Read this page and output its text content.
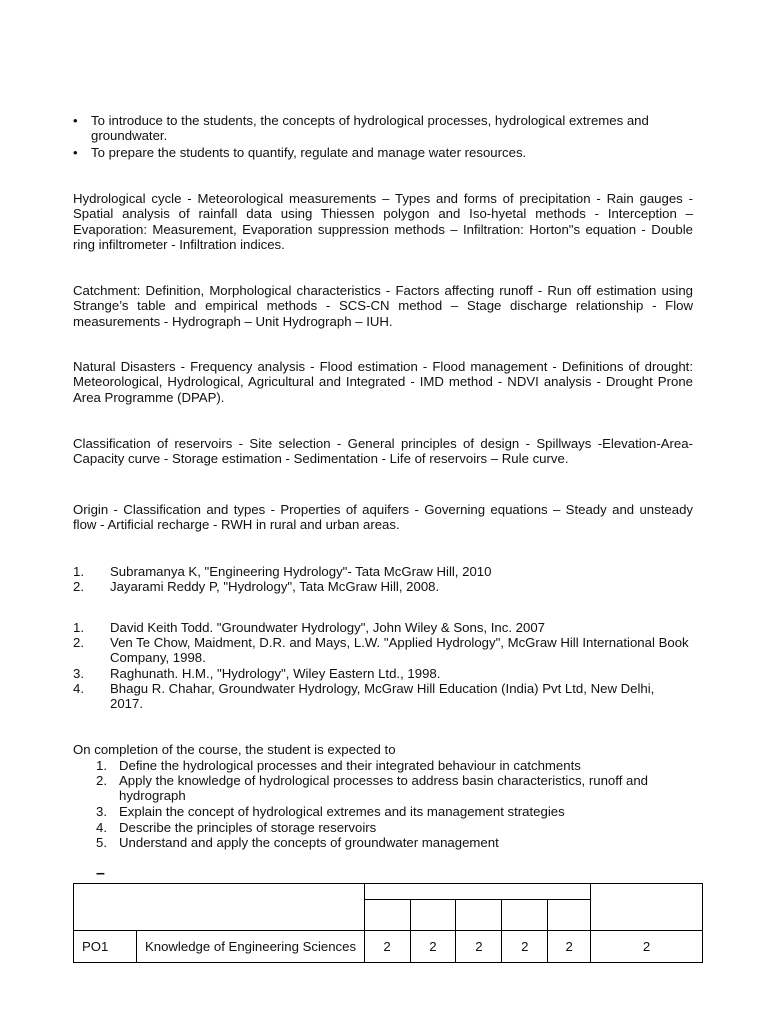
•	To introduce to the students, the concepts of hydrological processes, hydrological extremes and groundwater.
•	To prepare the students to quantify, regulate and manage water resources.
Hydrological cycle - Meteorological measurements – Types and forms of precipitation - Rain gauges - Spatial analysis of rainfall data using Thiessen polygon and Iso-hyetal methods - Interception – Evaporation: Measurement, Evaporation suppression methods – Infiltration: Horton"s equation - Double ring infiltrometer - Infiltration indices.
Catchment: Definition, Morphological characteristics - Factors affecting runoff - Run off estimation using Strange’s table and empirical methods - SCS-CN method – Stage discharge relationship - Flow measurements - Hydrograph – Unit Hydrograph – IUH.
Natural Disasters - Frequency analysis - Flood estimation - Flood management - Definitions of drought: Meteorological, Hydrological, Agricultural and Integrated - IMD method - NDVI analysis - Drought Prone Area Programme (DPAP).
Classification of reservoirs - Site selection - General principles of design - Spillways -Elevation-Area-Capacity curve - Storage estimation - Sedimentation - Life of reservoirs – Rule curve.
Origin - Classification and types - Properties of aquifers - Governing equations – Steady and unsteady flow - Artificial recharge - RWH in rural and urban areas.
1.	Subramanya K, "Engineering Hydrology"- Tata McGraw Hill, 2010
2.	Jayarami Reddy P, "Hydrology", Tata McGraw Hill, 2008.
1.	David Keith Todd. "Groundwater Hydrology", John Wiley & Sons, Inc. 2007
2.	Ven Te Chow, Maidment, D.R. and Mays, L.W. "Applied Hydrology", McGraw Hill International Book Company, 1998.
3.	Raghunath. H.M., "Hydrology", Wiley Eastern Ltd., 1998.
4.	Bhagu R. Chahar, Groundwater Hydrology, McGraw Hill Education (India) Pvt Ltd, New Delhi, 2017.
On completion of the course, the student is expected to
1. Define the hydrological processes and their integrated behaviour in catchments
2. Apply the knowledge of hydrological processes to address basin characteristics, runoff and hydrograph
3. Explain the concept of hydrological extremes and its management strategies
4. Describe the principles of storage reservoirs
5. Understand and apply the concepts of groundwater management
–

PO1	Knowledge of Engineering Sciences	2	2	2	2	2	2
